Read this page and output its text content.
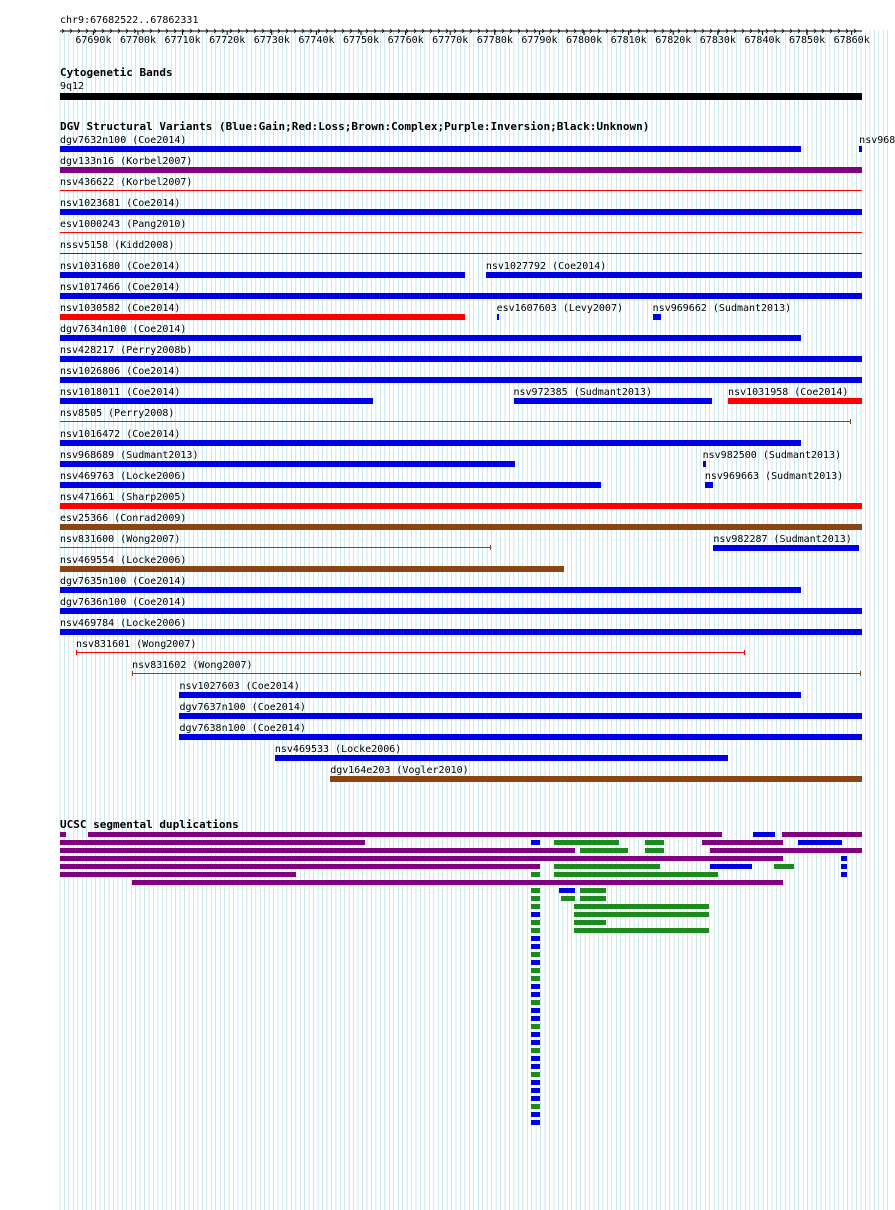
chr9:67682522..67862331
67690k 67700k 67710k 67720k 67730k 67740k 67750k 67760k 67770k 67780k 67790k 67800k 67810k 67820k 67830k 67840k 67850k 67860k
Cytogenetic Bands
9q12
DGV Structural Variants (Blue:Gain;Red:Loss;Brown:Complex;Purple:Inversion;Black:Unknown)
dgv7632n100 (Coe2014)	nsv968
dgv133n16 (Korbel2007)
nsv436622 (Korbel2007)
nsv1023681 (Coe2014)
esv1000243 (Pang2010)
nssv5158 (Kidd2008)
nsv1031680 (Coe2014)	nsv1027792 (Coe2014)
nsv1017466 (Coe2014)
nsv1030582 (Coe2014)	esv1607603 (Levy2007)	nsv969662 (Sudmant2013)
dgv7634n100 (Coe2014)
nsv428217 (Perry2008b)
nsv1026806 (Coe2014)
nsv1018011 (Coe2014)	nsv972385 (Sudmant2013)	nsv1031958 (Coe2014)
nsv8505 (Perry2008)
nsv1016472 (Coe2014)
nsv968689 (Sudmant2013)	nsv982500 (Sudmant2013)
nsv469763 (Locke2006)	nsv969663 (Sudmant2013)
nsv471661 (Sharp2005)
esv25366 (Conrad2009)
nsv831600 (Wong2007)	nsv982287 (Sudmant2013)
nsv469554 (Locke2006)
dgv7635n100 (Coe2014)
dgv7636n100 (Coe2014)
nsv469784 (Locke2006)
nsv831601 (Wong2007)
nsv831602 (Wong2007)
nsv1027603 (Coe2014)
dgv7637n100 (Coe2014)
dgv7638n100 (Coe2014)
nsv469533 (Locke2006)
dgv164e203 (Vogler2010)
UCSC segmental duplications
